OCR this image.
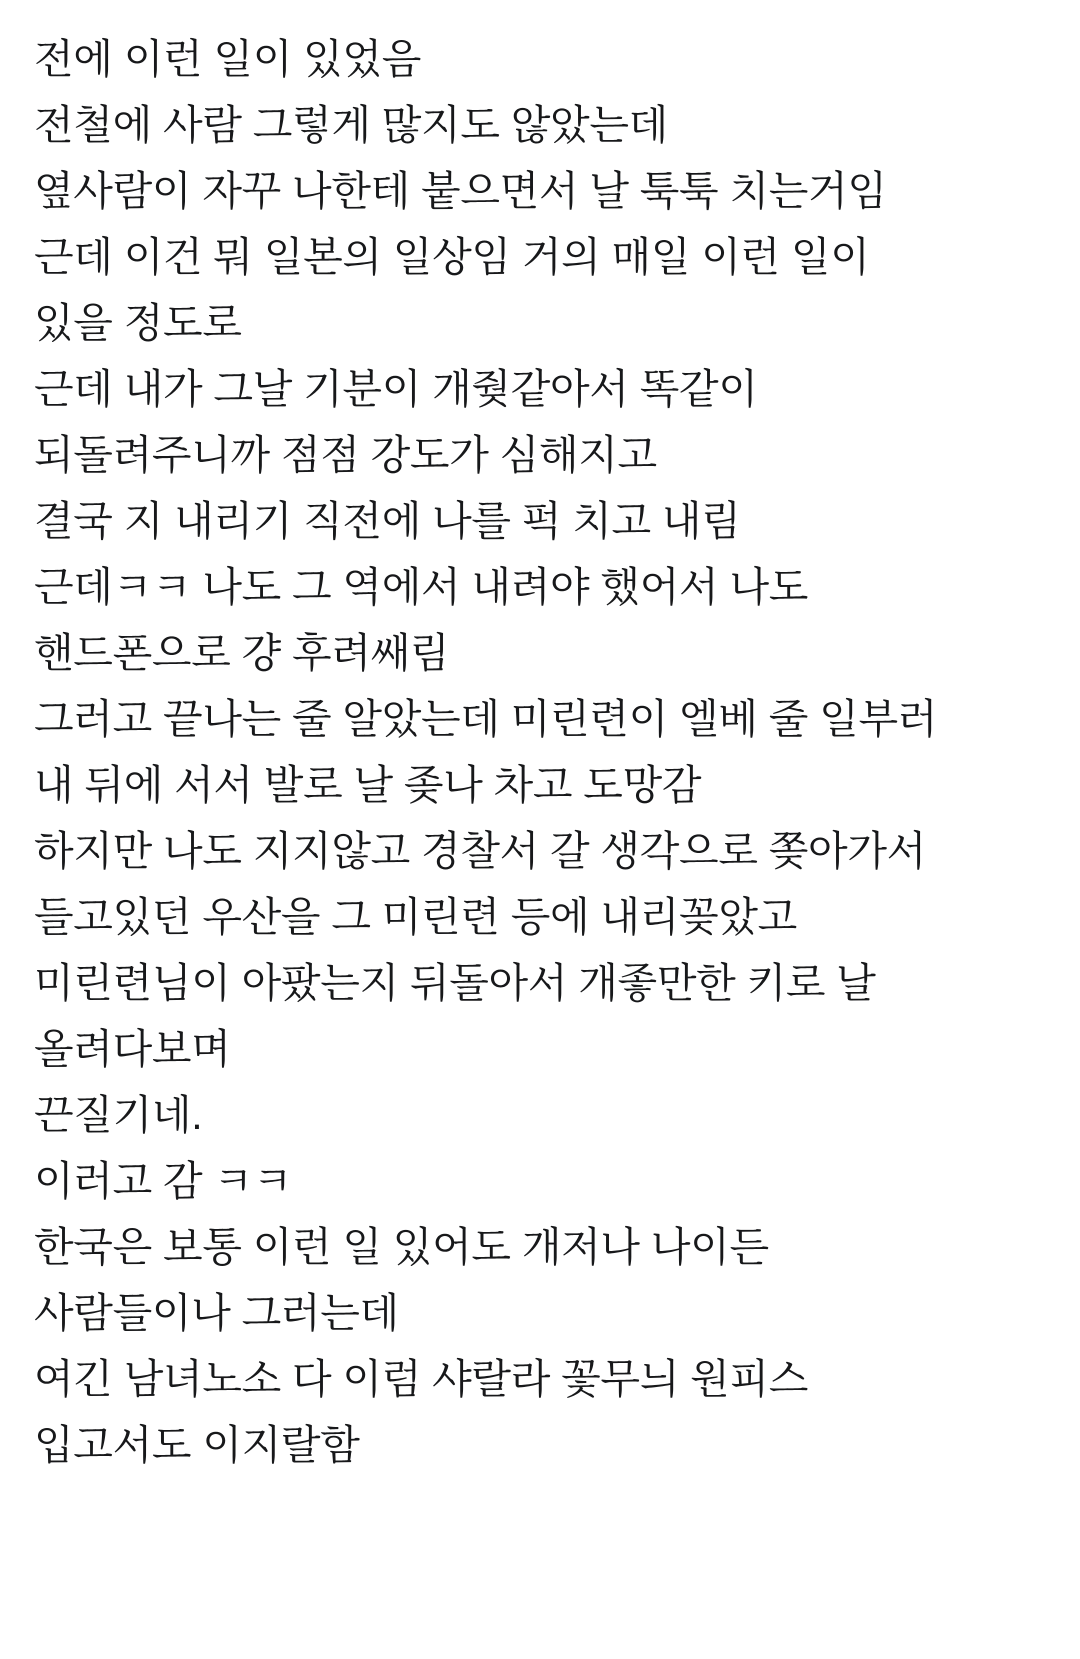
전에 이런 일이 있었음
전철에 사람 그렇게 많지도 않았는데
옆사람이 자꾸 나한테 붙으면서 날 툭툭 치는거임
근데 이건 뭐 일본의 일상임 거의 매일 이런 일이
있을 정도로
근데 내가 그날 기분이 개줮같아서 똑같이
되돌려주니까 점점 강도가 심해지고
결국 지 내리기 직전에 나를 퍽 치고 내림
근데ㅋㅋ 나도 그 역에서 내려야 했어서 나도
핸드폰으로 걍 후려쌔림
그러고 끝나는 줄 알았는데 미린련이 엘베 줄 일부러
내 뒤에 서서 발로 날 좆나 차고 도망감
하지만 나도 지지않고 경찰서 갈 생각으로 쫒아가서
들고있던 우산을 그 미린련 등에 내리꽂았고
미린련님이 아팠는지 뒤돌아서 개좋만한 키로 날
올려다보며
끈질기네.
이러고 감 ㅋㅋ
한국은 보통 이런 일 있어도 개저나 나이든
사람들이나 그러는데
여긴 남녀노소 다 이럼 샤랄라 꽃무늬 원피스
입고서도 이지랄함
